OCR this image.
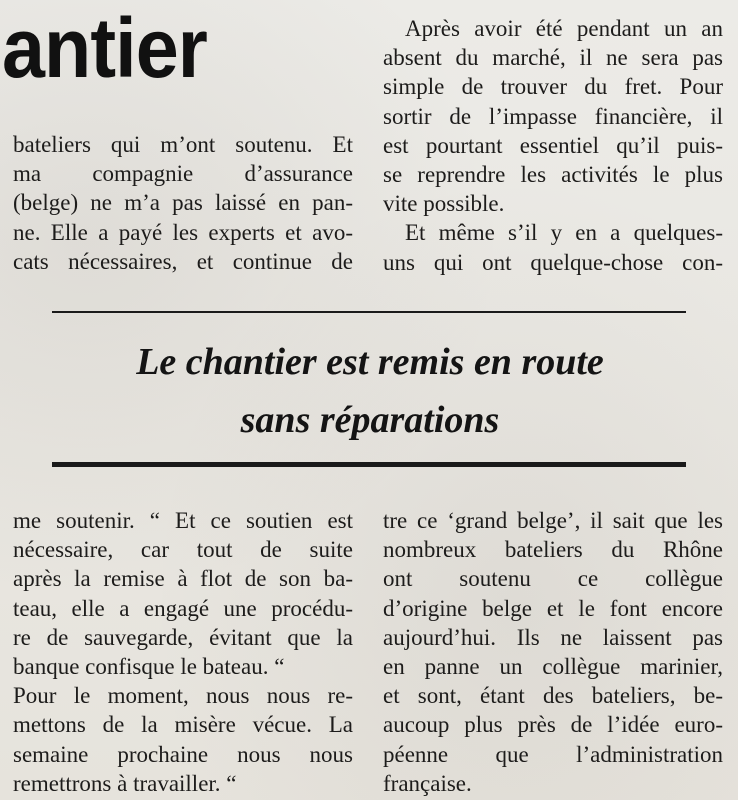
antier
bateliers qui m’ont soutenu. Et
ma compagnie d’assurance
(belge) ne m’a pas laissé en pan-
ne. Elle a payé les experts et avo-
cats nécessaires, et continue de
Après avoir été pendant un an
absent du marché, il ne sera pas
simple de trouver du fret. Pour
sortir de l’impasse financière, il
est pourtant essentiel qu’il puis-
se reprendre les activités le plus
vite possible.
Et même s’il y en a quelques-
uns qui ont quelque-chose con-
Le chantier est remis en route
sans réparations
me soutenir. “ Et ce soutien est
nécessaire, car tout de suite
après la remise à flot de son ba-
teau, elle a engagé une procédu-
re de sauvegarde, évitant que la
banque confisque le bateau. “
Pour le moment, nous nous re-
mettons de la misère vécue. La
semaine prochaine nous nous
remettrons à travailler. “
tre ce ‘grand belge’, il sait que les
nombreux bateliers du Rhône
ont soutenu ce collègue
d’origine belge et le font encore
aujourd’hui. Ils ne laissent pas
en panne un collègue marinier,
et sont, étant des bateliers, be-
aucoup plus près de l’idée euro-
péenne que l’administration
française.
